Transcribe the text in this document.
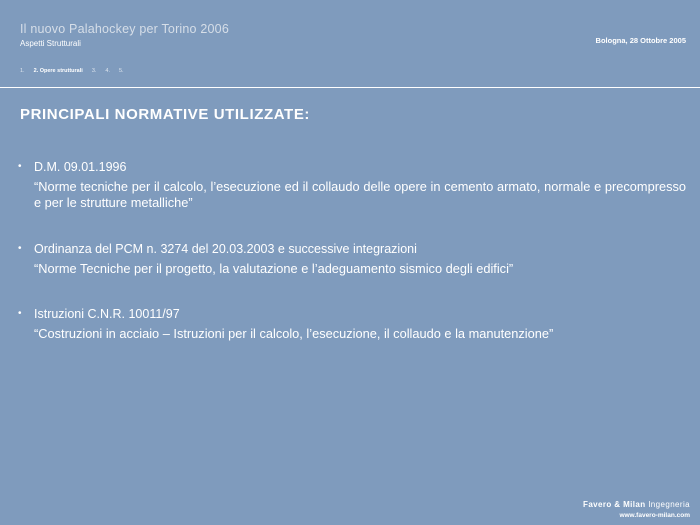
Il nuovo Palahockey per Torino 2006
Aspetti Strutturali	Bologna, 28 Ottobre 2005
1. 2. Opere strutturali 3. 4. 5.
PRINCIPALI NORMATIVE UTILIZZATE:
• D.M. 09.01.1996
“Norme tecniche per il calcolo, l’esecuzione ed il collaudo delle opere in cemento armato, normale e precompresso e per le strutture metalliche”
• Ordinanza del PCM n. 3274 del 20.03.2003 e successive integrazioni
“Norme Tecniche per il progetto, la valutazione e l’adeguamento sismico degli edifici”
• Istruzioni C.N.R. 10011/97
“Costruzioni in acciaio – Istruzioni per il calcolo, l’esecuzione, il collaudo e la manutenzione”
Favero & Milan Ingegneria
www.favero-milan.com
